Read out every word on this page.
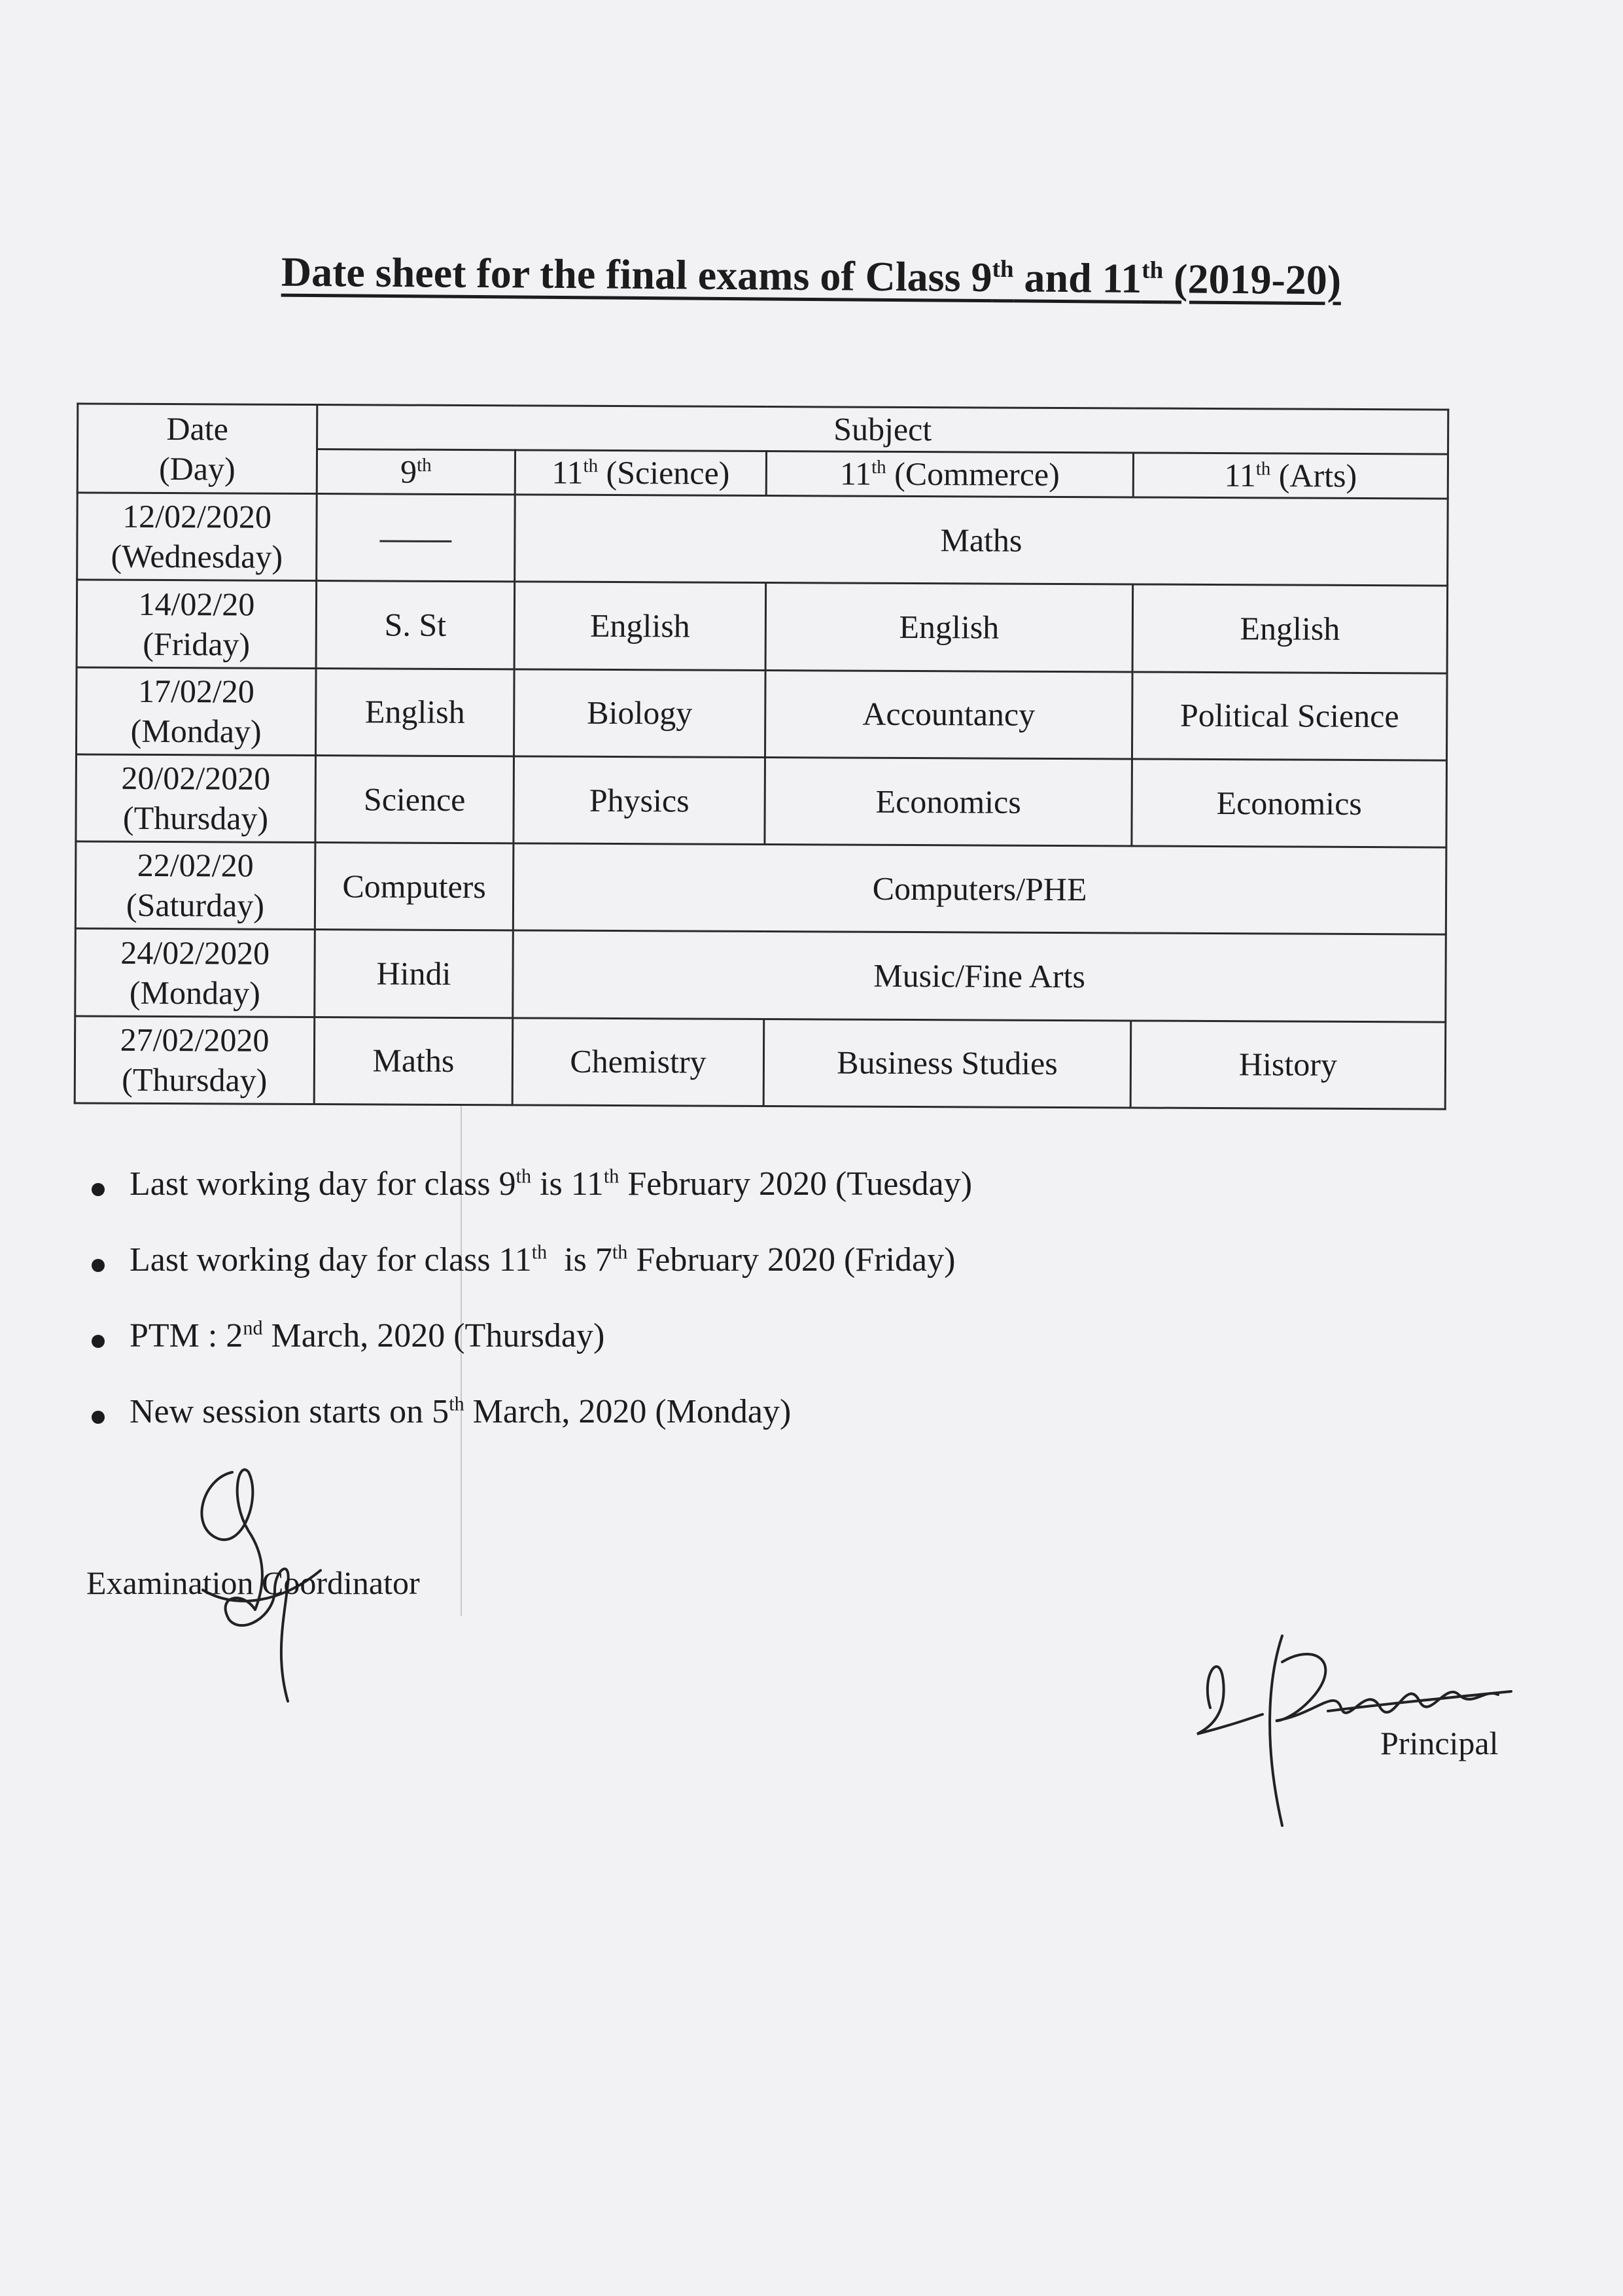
Date sheet for the final exams of Class 9th and 11th (2019-20)
Date
(Day)	Subject			
	9th	11th (Science)	11th (Commerce)	11th (Arts)

12/02/2020
(Wednesday)		Maths		

14/02/20
(Friday)	S. St	English	English	English

17/02/20
(Monday)	English	Biology	Accountancy	Political Science

20/02/2020
(Thursday)	Science	Physics	Economics	Economics

22/02/20
(Saturday)	Computers	Computers/PHE		

24/02/2020
(Monday)	Hindi	Music/Fine Arts		

27/02/2020
(Thursday)	Maths	Chemistry	Business Studies	History
Last working day for class 9th is 11th February 2020 (Tuesday)
Last working day for class 11th  is 7th February 2020 (Friday)
PTM : 2nd March, 2020 (Thursday)
New session starts on 5th March, 2020 (Monday)
Examination Coordinator
Principal
